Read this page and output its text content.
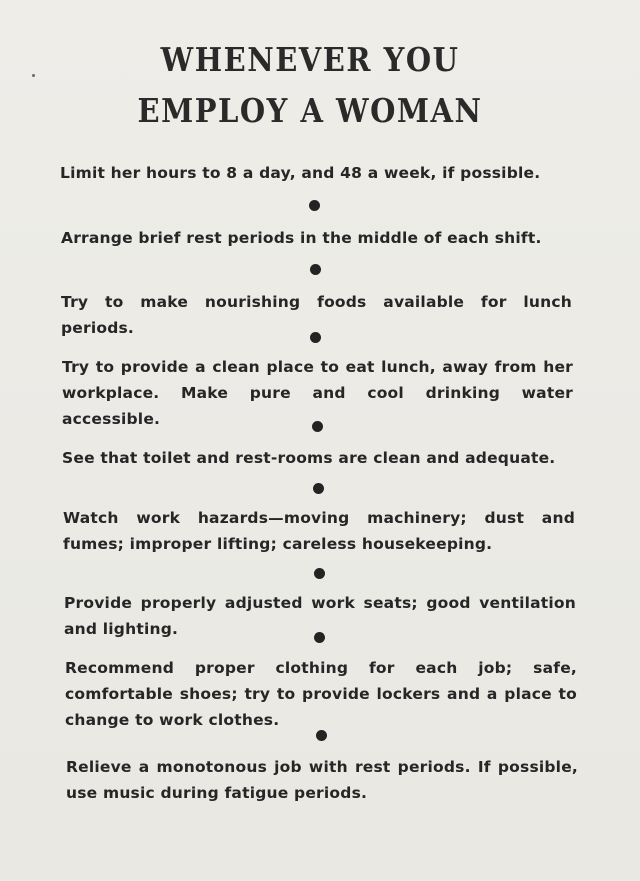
WHENEVER YOU
EMPLOY A WOMAN
Limit her hours to 8 a day, and 48 a week, if possible.
Arrange brief rest periods in the middle of each shift.
Try to make nourishing foods available for lunch periods.
Try to provide a clean place to eat lunch, away from her workplace. Make pure and cool drinking water accessible.
See that toilet and rest-rooms are clean and adequate.
Watch work hazards—moving machinery; dust and fumes; improper lifting; careless housekeeping.
Provide properly adjusted work seats; good ventilation and lighting.
Recommend proper clothing for each job; safe, comfortable shoes; try to provide lockers and a place to change to work clothes.
Relieve a monotonous job with rest periods. If possible, use music during fatigue periods.
